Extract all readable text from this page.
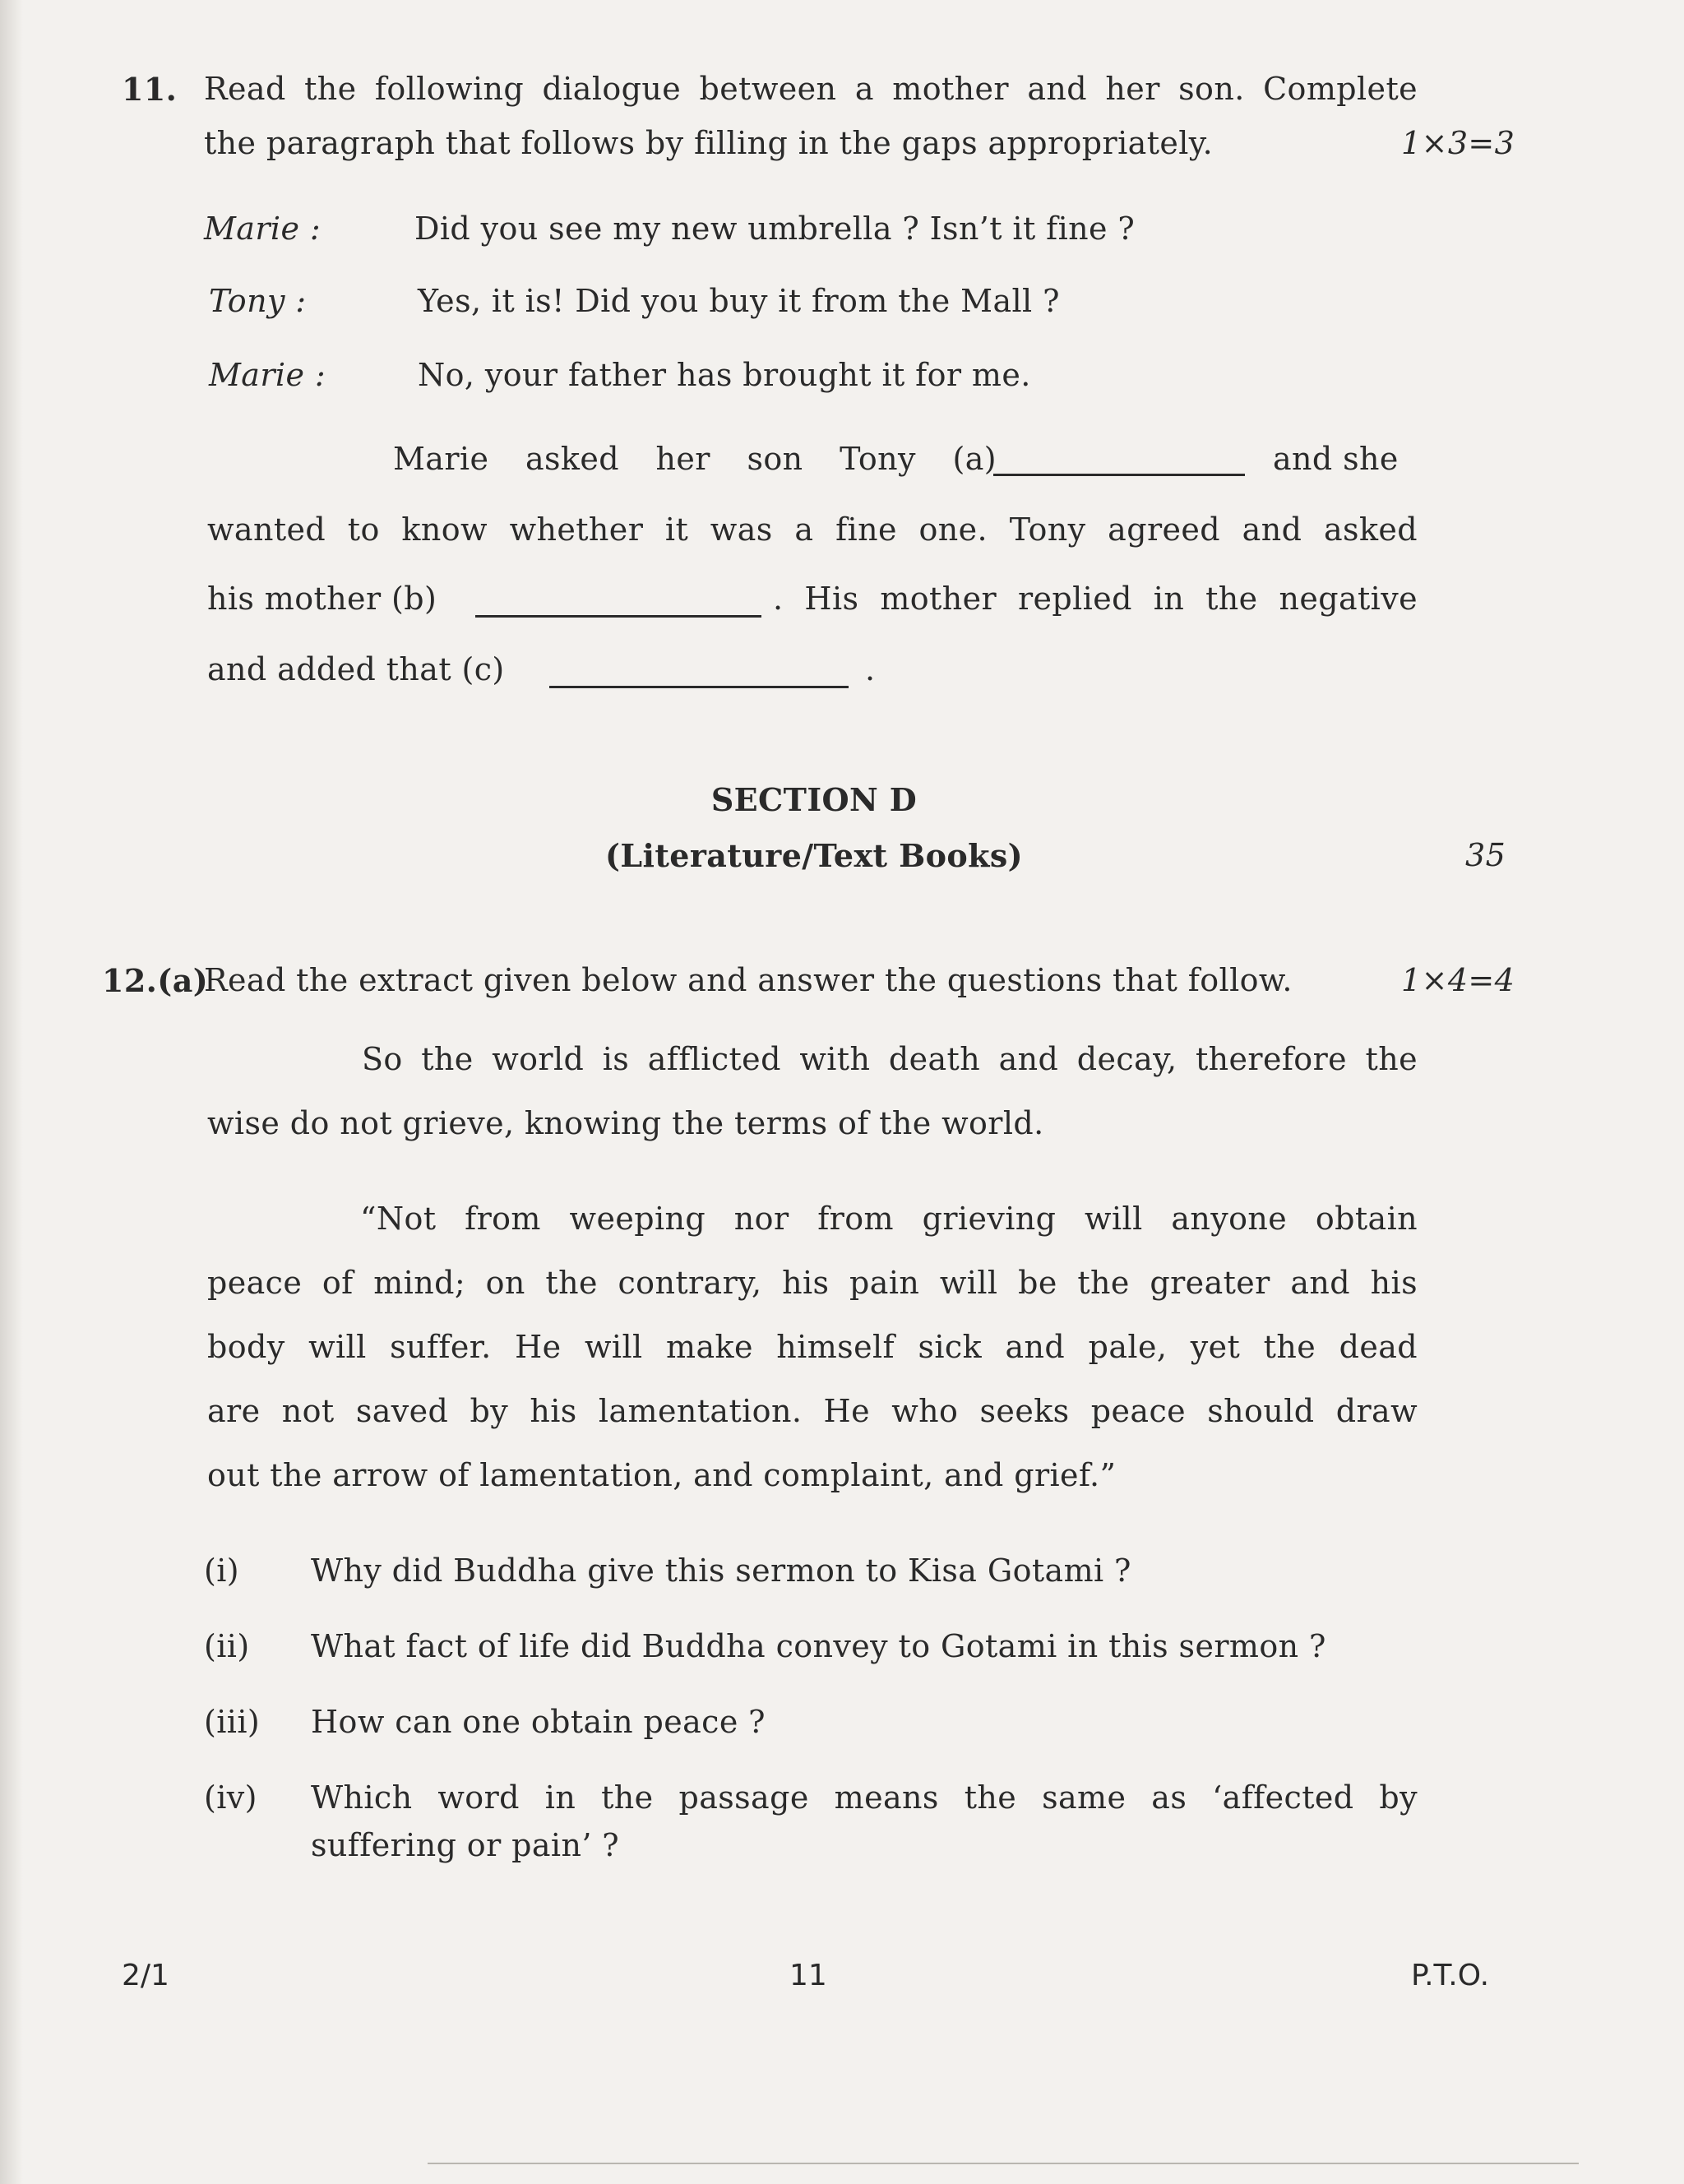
11. Read the following dialogue between a mother and her son. Complete
the paragraph that follows by filling in the gaps appropriately.	1×3=3
Marie :	Did you see my new umbrella ? Isn’t it fine ?
Tony :	Yes, it is! Did you buy it from the Mall ?
Marie :	No, your father has brought it for me.
Marie asked her son Tony (a)	and she
wanted to know whether it was a fine one. Tony agreed and asked
his mother (b)	. His mother replied in the negative
and added that (c)	.
SECTION D
(Literature/Text Books)	35
12.(a)
Read the extract given below and answer the questions that follow.	1×4=4
So the world is afflicted with death and decay, therefore the
wise do not grieve, knowing the terms of the world.
“Not from weeping nor from grieving will anyone obtain
peace of mind; on the contrary, his pain will be the greater and his
body will suffer. He will make himself sick and pale, yet the dead
are not saved by his lamentation. He who seeks peace should draw
out the arrow of lamentation, and complaint, and grief.”
(i) Why did Buddha give this sermon to Kisa Gotami ?
(ii) What fact of life did Buddha convey to Gotami in this sermon ?
(iii) How can one obtain peace ?
(iv) Which word in the passage means the same as ‘affected by
suffering or pain’ ?
2/1	11	P.T.O.
